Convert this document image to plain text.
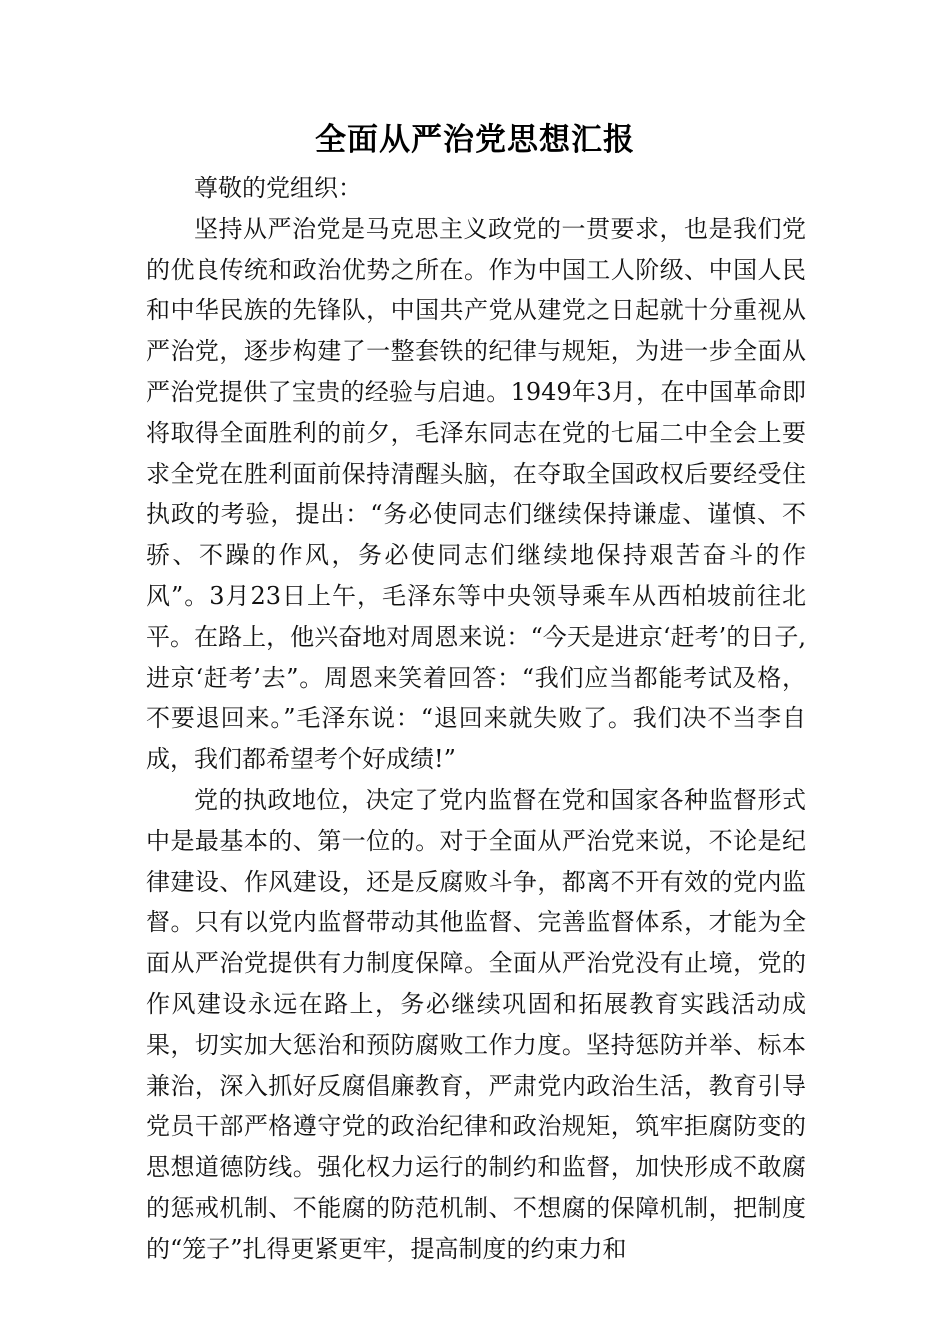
全面从严治党思想汇报

尊敬的党组织：

坚持从严治党是马克思主义政党的一贯要求，也是我们党的优良传统和政治优势之所在。作为中国工人阶级、中国人民和中华民族的先锋队，中国共产党从建党之日起就十分重视从严治党，逐步构建了一整套铁的纪律与规矩，为进一步全面从严治党提供了宝贵的经验与启迪。1949年3月，在中国革命即将取得全面胜利的前夕，毛泽东同志在党的七届二中全会上要求全党在胜利面前保持清醒头脑，在夺取全国政权后要经受住执政的考验，提出：“务必使同志们继续保持谦虚、谨慎、不骄、不躁的作风，务必使同志们继续地保持艰苦奋斗的作风”。3月23日上午，毛泽东等中央领导乘车从西柏坡前往北平。在路上，他兴奋地对周恩来说：“今天是进京‘赶考’的日子,进京‘赶考’去”。周恩来笑着回答：“我们应当都能考试及格，不要退回来。”毛泽东说：“退回来就失败了。我们决不当李自成，我们都希望考个好成绩!”

党的执政地位，决定了党内监督在党和国家各种监督形式中是最基本的、第一位的。对于全面从严治党来说，不论是纪律建设、作风建设，还是反腐败斗争，都离不开有效的党内监督。只有以党内监督带动其他监督、完善监督体系，才能为全面从严治党提供有力制度保障。全面从严治党没有止境，党的作风建设永远在路上，务必继续巩固和拓展教育实践活动成果，切实加大惩治和预防腐败工作力度。坚持惩防并举、标本兼治，深入抓好反腐倡廉教育，严肃党内政治生活，教育引导党员干部严格遵守党的政治纪律和政治规矩，筑牢拒腐防变的思想道德防线。强化权力运行的制约和监督，加快形成不敢腐的惩戒机制、不能腐的防范机制、不想腐的保障机制，把制度的“笼子”扎得更紧更牢，提高制度的约束力和
